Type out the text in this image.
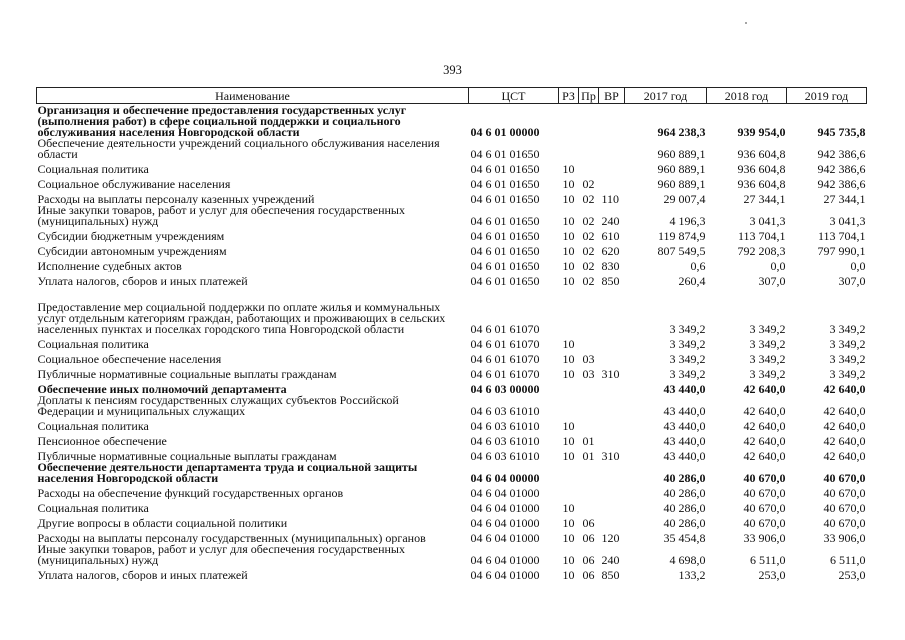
393
Наименование	ЦСТ	РЗ	Пр	ВР	2017 год	2018 год	2019 год
Организация и обеспечение предоставления государственных услуг (выполнения работ) в сфере социальной поддержки и социального обслуживания населения Новгородской области	04 6 01 00000				964 238,3	939 954,0	945 735,8
Обеспечение деятельности учреждений социального обслуживания населения области	04 6 01 01650				960 889,1	936 604,8	942 386,6
Социальная политика	04 6 01 01650	10			960 889,1	936 604,8	942 386,6
Социальное обслуживание населения	04 6 01 01650	10	02		960 889,1	936 604,8	942 386,6
Расходы на выплаты персоналу казенных учреждений	04 6 01 01650	10	02	110	29 007,4	27 344,1	27 344,1
Иные закупки товаров, работ и услуг для обеспечения государственных (муниципальных) нужд	04 6 01 01650	10	02	240	4 196,3	3 041,3	3 041,3
Субсидии бюджетным учреждениям	04 6 01 01650	10	02	610	119 874,9	113 704,1	113 704,1
Субсидии автономным учреждениям	04 6 01 01650	10	02	620	807 549,5	792 208,3	797 990,1
Исполнение судебных актов	04 6 01 01650	10	02	830	0,6	0,0	0,0
Уплата налогов, сборов и иных платежей	04 6 01 01650	10	02	850	260,4	307,0	307,0
Предоставление мер социальной поддержки по оплате жилья и коммунальных услуг отдельным категориям граждан, работающих и проживающих в сельских населенных пунктах и поселках городского типа Новгородской области	04 6 01 61070				3 349,2	3 349,2	3 349,2
Социальная политика	04 6 01 61070	10			3 349,2	3 349,2	3 349,2
Социальное обеспечение населения	04 6 01 61070	10	03		3 349,2	3 349,2	3 349,2
Публичные нормативные социальные выплаты гражданам	04 6 01 61070	10	03	310	3 349,2	3 349,2	3 349,2
Обеспечение иных полномочий департамента	04 6 03 00000				43 440,0	42 640,0	42 640,0
Доплаты к пенсиям государственных служащих субъектов Российской Федерации и муниципальных служащих	04 6 03 61010				43 440,0	42 640,0	42 640,0
Социальная политика	04 6 03 61010	10			43 440,0	42 640,0	42 640,0
Пенсионное обеспечение	04 6 03 61010	10	01		43 440,0	42 640,0	42 640,0
Публичные нормативные социальные выплаты гражданам	04 6 03 61010	10	01	310	43 440,0	42 640,0	42 640,0
Обеспечение деятельности департамента труда и социальной защиты населения Новгородской области	04 6 04 00000				40 286,0	40 670,0	40 670,0
Расходы на обеспечение функций государственных органов	04 6 04 01000				40 286,0	40 670,0	40 670,0
Социальная политика	04 6 04 01000	10			40 286,0	40 670,0	40 670,0
Другие вопросы в области социальной политики	04 6 04 01000	10	06		40 286,0	40 670,0	40 670,0
Расходы на выплаты персоналу государственных (муниципальных) органов	04 6 04 01000	10	06	120	35 454,8	33 906,0	33 906,0
Иные закупки товаров, работ и услуг для обеспечения государственных (муниципальных) нужд	04 6 04 01000	10	06	240	4 698,0	6 511,0	6 511,0
Уплата налогов, сборов и иных платежей	04 6 04 01000	10	06	850	133,2	253,0	253,0
